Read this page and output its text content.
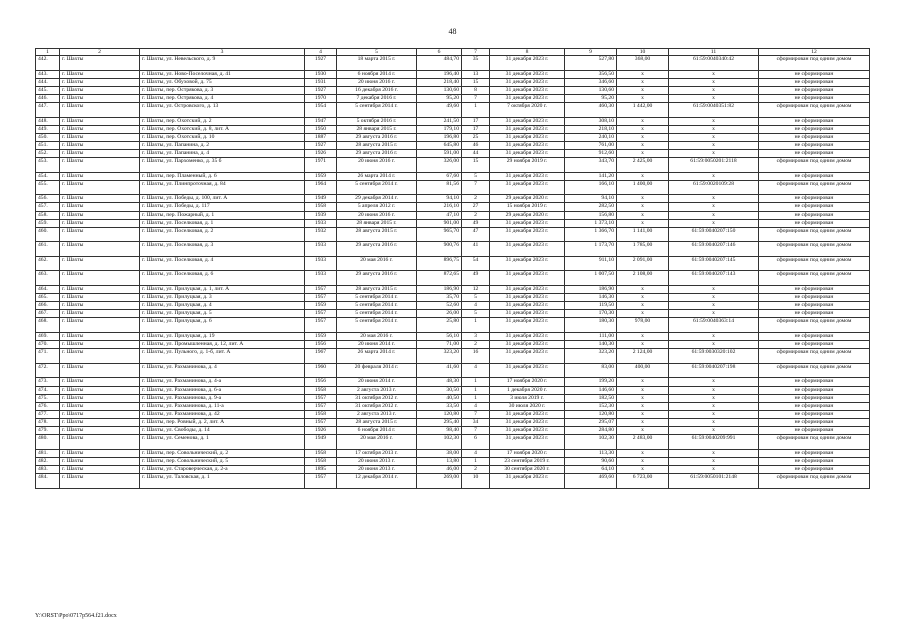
48
1	2	3	4	5	6	7	8	9	10	11	12
442.	г. Шахты	г. Шахты, ул. Невельского, д. 9	1927	18 марта 2015 г.	484,70	35	31 декабря 2023 г.	527,80	368,00	61:59:0040340:42	сформирован под одним домом
443.	г. Шахты	г. Шахты, ул. Ново-Поселочная, д. 41	1930	6 ноября 2014 г.	196,40	13	31 декабря 2023 г.	356,50	x	x	не сформирован
444.	г. Шахты	г. Шахты, ул. Обуховой, д. 75	1931	20 июня 2016 г.	218,40	15	31 декабря 2023 г.	346,60	x	x	не сформирован
445.	г. Шахты	г. Шахты, пер. Острякова, д. 3	1927	16 декабря 2016 г.	130,60	8	31 декабря 2023 г.	130,60	x	x	не сформирован
446.	г. Шахты	г. Шахты, пер. Острякова, д. 4	1970	7 декабря 2016 г.	95,20	7	31 декабря 2023 г.	95,20	x	x	не сформирован
447.	г. Шахты	г. Шахты, ул. Островского, д. 13	1954	5 сентября 2014 г.	49,60	1	7 октября 2020 г.	460,30	1 442,00	61:59:0040351:82	сформирован под одним домом
448.	г. Шахты	г. Шахты, пер. Охотский, д. 2	1947	5 октября 2016 г.	241,50	17	31 декабря 2023 г.	308,10	x	x	не сформирован
449.	г. Шахты	г. Шахты, пер. Охотский, д. 8, лит. А	1950	28 января 2015 г.	179,10	17	31 декабря 2023 г.	218,10	x	x	не сформирован
450.	г. Шахты	г. Шахты, пер. Охотский, д. 10	1887	29 августа 2016 г.	196,80	25	31 декабря 2023 г.	240,10	x	x	не сформирован
451.	г. Шахты	г. Шахты, ул. Папанина, д. 2	1927	28 августа 2015 г.	645,80	46	31 декабря 2023 г.	761,00	x	x	не сформирован
452.	г. Шахты	г. Шахты, ул. Папанина, д. 4	1926	29 августа 2016 г.	591,00	44	31 декабря 2023 г.	912,60	x	x	не сформирован
453.	г. Шахты	г. Шахты, ул. Пархоменко, д. 35 б	1971	20 июня 2016 г.	326,00	15	29 ноября 2019 г.	343,70	2 425,00	61:59:0050201:2118	сформирован под одним домом
454.	г. Шахты	г. Шахты, пер. Пламенный, д. 6	1959	26 марта 2014 г.	67,60	5	31 декабря 2023 г.	141,20	x	x	не сформирован
455.	г. Шахты	г. Шахты, ул. Плинпроточная, д. 84	1964	5 сентября 2014 г.	81,56	7	31 декабря 2023 г.	166,10	1 400,00	61:59:0020109:28	сформирован под одним домом
456.	г. Шахты	г. Шахты, ул. Победы, д. 100, лит. А	1949	29 декабря 2014 г.	94,10	2	29 декабря 2020 г.	94,10	x	x	не сформирован
457.	г. Шахты	г. Шахты, ул. Победы, д. 117	1958	5 апреля 2012 г.	216,10	27	15 ноября 2019 г.	282,50	x	x	не сформирован
458.	г. Шахты	г. Шахты, пер. Пожарный, д. 1	1939	20 июня 2016 г.	47,10	2	29 декабря 2020 г.	156,80	x	x	не сформирован
459.	г. Шахты	г. Шахты, ул. Поселковая, д. 1	1933	28 января 2015 г.	901,00	49	31 декабря 2023 г.	1 373,10	x	x	не сформирован
460.	г. Шахты	г. Шахты, ул. Поселковая, д. 2	1932	28 августа 2015 г.	965,70	47	31 декабря 2023 г.	1 366,70	1 141,00	61:59:0040207:150	сформирован под одним домом
461.	г. Шахты	г. Шахты, ул. Поселковая, д. 3	1933	29 августа 2016 г.	900,76	41	31 декабря 2023 г.	1 173,70	1 785,00	61:59:0040207:146	сформирован под одним домом
462.	г. Шахты	г. Шахты, ул. Поселковая, д. 4	1933	20 мая 2016 г.	896,75	54	31 декабря 2023 г.	911,10	2 091,00	61:59:0040207:145	сформирован под одним домом
463.	г. Шахты	г. Шахты, ул. Поселковая, д. 6	1933	29 августа 2016 г.	872,65	49	31 декабря 2023 г.	1 007,50	2 108,00	61:59:0040207:143	сформирован под одним домом
464.	г. Шахты	г. Шахты, ул. Прилуцкая, д. 1, лит. А	1957	28 августа 2015 г.	186,90	12	31 декабря 2023 г.	186,90	x	x	не сформирован
465.	г. Шахты	г. Шахты, ул. Прилуцкая, д. 3	1957	5 сентября 2014 г.	35,70	5	31 декабря 2023 г.	146,30	x	x	не сформирован
466.	г. Шахты	г. Шахты, ул. Прилуцкая, д. 4	1959	5 сентября 2014 г.	52,60	4	31 декабря 2023 г.	119,50	x	x	не сформирован
467.	г. Шахты	г. Шахты, ул. Прилуцкая, д. 5	1957	5 сентября 2014 г.	26,00	5	31 декабря 2023 г.	170,30	x	x	не сформирован
468.	г. Шахты	г. Шахты, ул. Прилуцкая, д. 6	1957	5 сентября 2014 г.	25,80	1	31 декабря 2023 г.	180,30	978,00	61:59:0040363:14	сформирован под одним домом
469.	г. Шахты	г. Шахты, ул. Прилуцкая, д. 19	1959	20 мая 2016 г.	56,10	3	31 декабря 2023 г.	111,00	x	x	не сформирован
470.	г. Шахты	г. Шахты, ул. Промышленная, д. 12, лит. А	1956	20 июня 2014 г.	71,00	2	31 декабря 2023 г.	140,30	x	x	не сформирован
471.	г. Шахты	г. Шахты, ул. Пульного, д. 1-б, лит. А	1967	26 марта 2014 г.	323,20	16	31 декабря 2023 г.	323,20	2 124,00	61:59:0030320:102	сформирован под одним домом
472.	г. Шахты	г. Шахты, ул. Рахманинова, д. 4	1960	20 февраля 2014 г.	41,60	4	31 декабря 2023 г.	83,00	400,00	61:59:0040207:198	сформирован под одним домом
473.	г. Шахты	г. Шахты, ул. Рахманинова, д. 4-а	1956	20 июня 2014 г.	48,30	1	17 ноября 2020 г.	199,20	x	x	не сформирован
474.	г. Шахты	г. Шахты, ул. Рахманинова, д. 6-а	1958	2 августа 2013 г.	30,50	1	1 декабря 2020 г.	146,60	x	x	не сформирован
475.	г. Шахты	г. Шахты, ул. Рахманинова, д. 9-а	1957	31 октября 2012 г.	40,50	1	3 июля 2019 г.	182,50	x	x	не сформирован
476.	г. Шахты	г. Шахты, ул. Рахманинова, д. 11-а	1957	31 октября 2012 г.	33,50	4	30 июля 2020 г.	152,30	x	x	не сформирован
477.	г. Шахты	г. Шахты, ул. Рахманинова, д. 42	1958	2 августа 2013 г.	120,80	7	31 декабря 2023 г.	120,80	x	x	не сформирован
478.	г. Шахты	г. Шахты, пер. Ровный, д. 2, лит. А	1957	28 августа 2015 г.	295,40	34	31 декабря 2023 г.	295,07	x	x	не сформирован
479.	г. Шахты	г. Шахты, ул. Свободы, д. 14	1926	6 ноября 2014 г.	98,40	7	31 декабря 2023 г.	284,80	x	x	не сформирован
480.	г. Шахты	г. Шахты, ул. Семенова, д. 1	1949	20 мая 2016 г.	102,30	6	31 декабря 2023 г.	102,30	2 483,00	61:59:0040209:991	сформирован под одним домом
481.	г. Шахты	г. Шахты, пер. Совольничеcкий, д. 2	1958	17 октября 2013 г.	38,00	4	17 ноября 2020 г.	113,30	x	x	не сформирован
482.	г. Шахты	г. Шахты, пер. Совольничеcкий, д. 5	1958	20 июня 2013 г.	13,80	1	23 сентября 2019 г.	90,60	x	x	не сформирован
483.	г. Шахты	г. Шахты, ул. Староверческая, д. 2-а	1895	20 июня 2013 г.	46,00	2	30 сентября 2020 г.	64,10	x	x	не сформирован
484.	г. Шахты	г. Шахты, ул. Таловская, д. 1	1957	12 декабря 2014 г.	269,00	10	31 декабря 2023 г.	469,60	6 723,00	61:59:0050101:2148	сформирован под одним домом
Y:\ORST\Ppo\0717p564.f21.docx
